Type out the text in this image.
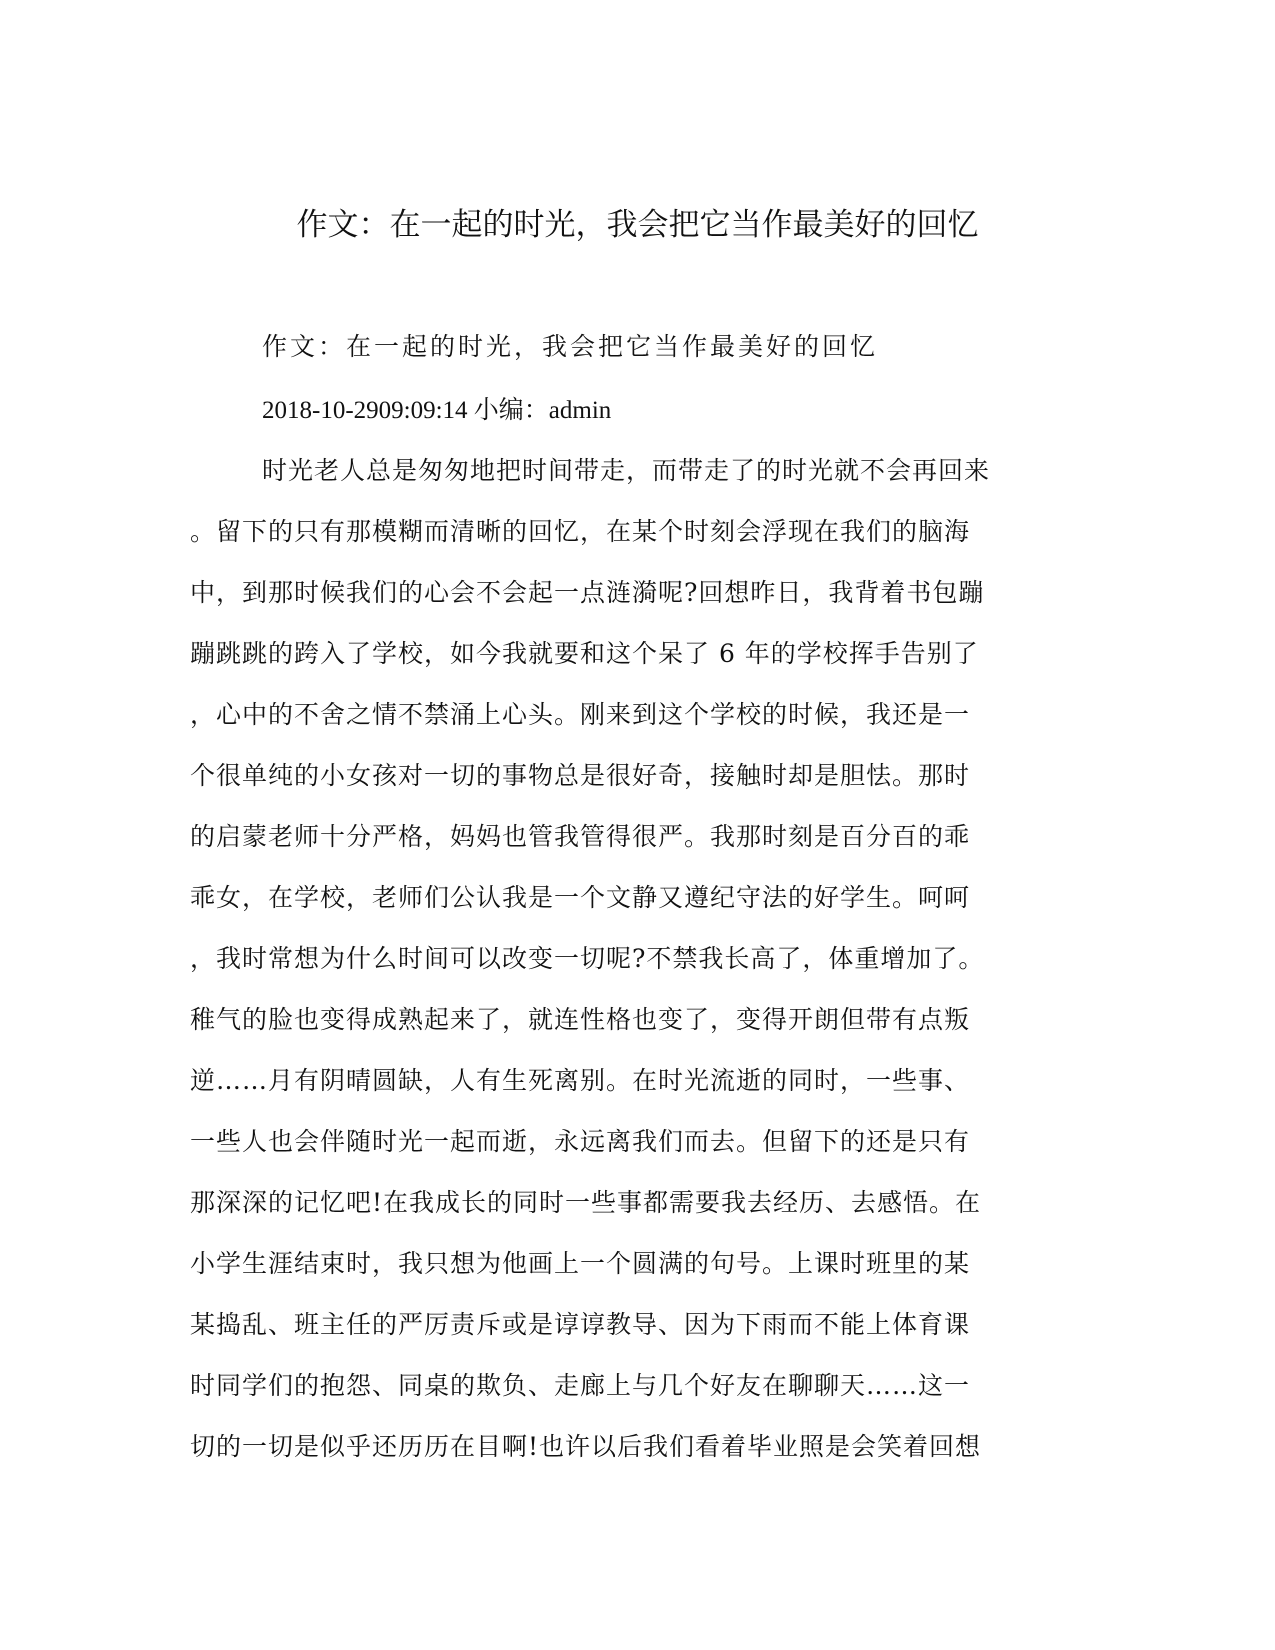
作文：在一起的时光，我会把它当作最美好的回忆
作文：在一起的时光，我会把它当作最美好的回忆
2018-10-2909:09:14 小编：admin
时光老人总是匆匆地把时间带走，而带走了的时光就不会再回来
。留下的只有那模糊而清晰的回忆，在某个时刻会浮现在我们的脑海
中，到那时候我们的心会不会起一点涟漪呢?回想昨日，我背着书包蹦
蹦跳跳的跨入了学校，如今我就要和这个呆了 6 年的学校挥手告别了
，心中的不舍之情不禁涌上心头。刚来到这个学校的时候，我还是一
个很单纯的小女孩对一切的事物总是很好奇，接触时却是胆怯。那时
的启蒙老师十分严格，妈妈也管我管得很严。我那时刻是百分百的乖
乖女，在学校，老师们公认我是一个文静又遵纪守法的好学生。呵呵
，我时常想为什么时间可以改变一切呢?不禁我长高了，体重增加了。
稚气的脸也变得成熟起来了，就连性格也变了，变得开朗但带有点叛
逆……月有阴晴圆缺，人有生死离别。在时光流逝的同时，一些事、
一些人也会伴随时光一起而逝，永远离我们而去。但留下的还是只有
那深深的记忆吧!在我成长的同时一些事都需要我去经历、去感悟。在
小学生涯结束时，我只想为他画上一个圆满的句号。上课时班里的某
某捣乱、班主任的严厉责斥或是谆谆教导、因为下雨而不能上体育课
时同学们的抱怨、同桌的欺负、走廊上与几个好友在聊聊天……这一
切的一切是似乎还历历在目啊!也许以后我们看着毕业照是会笑着回想
